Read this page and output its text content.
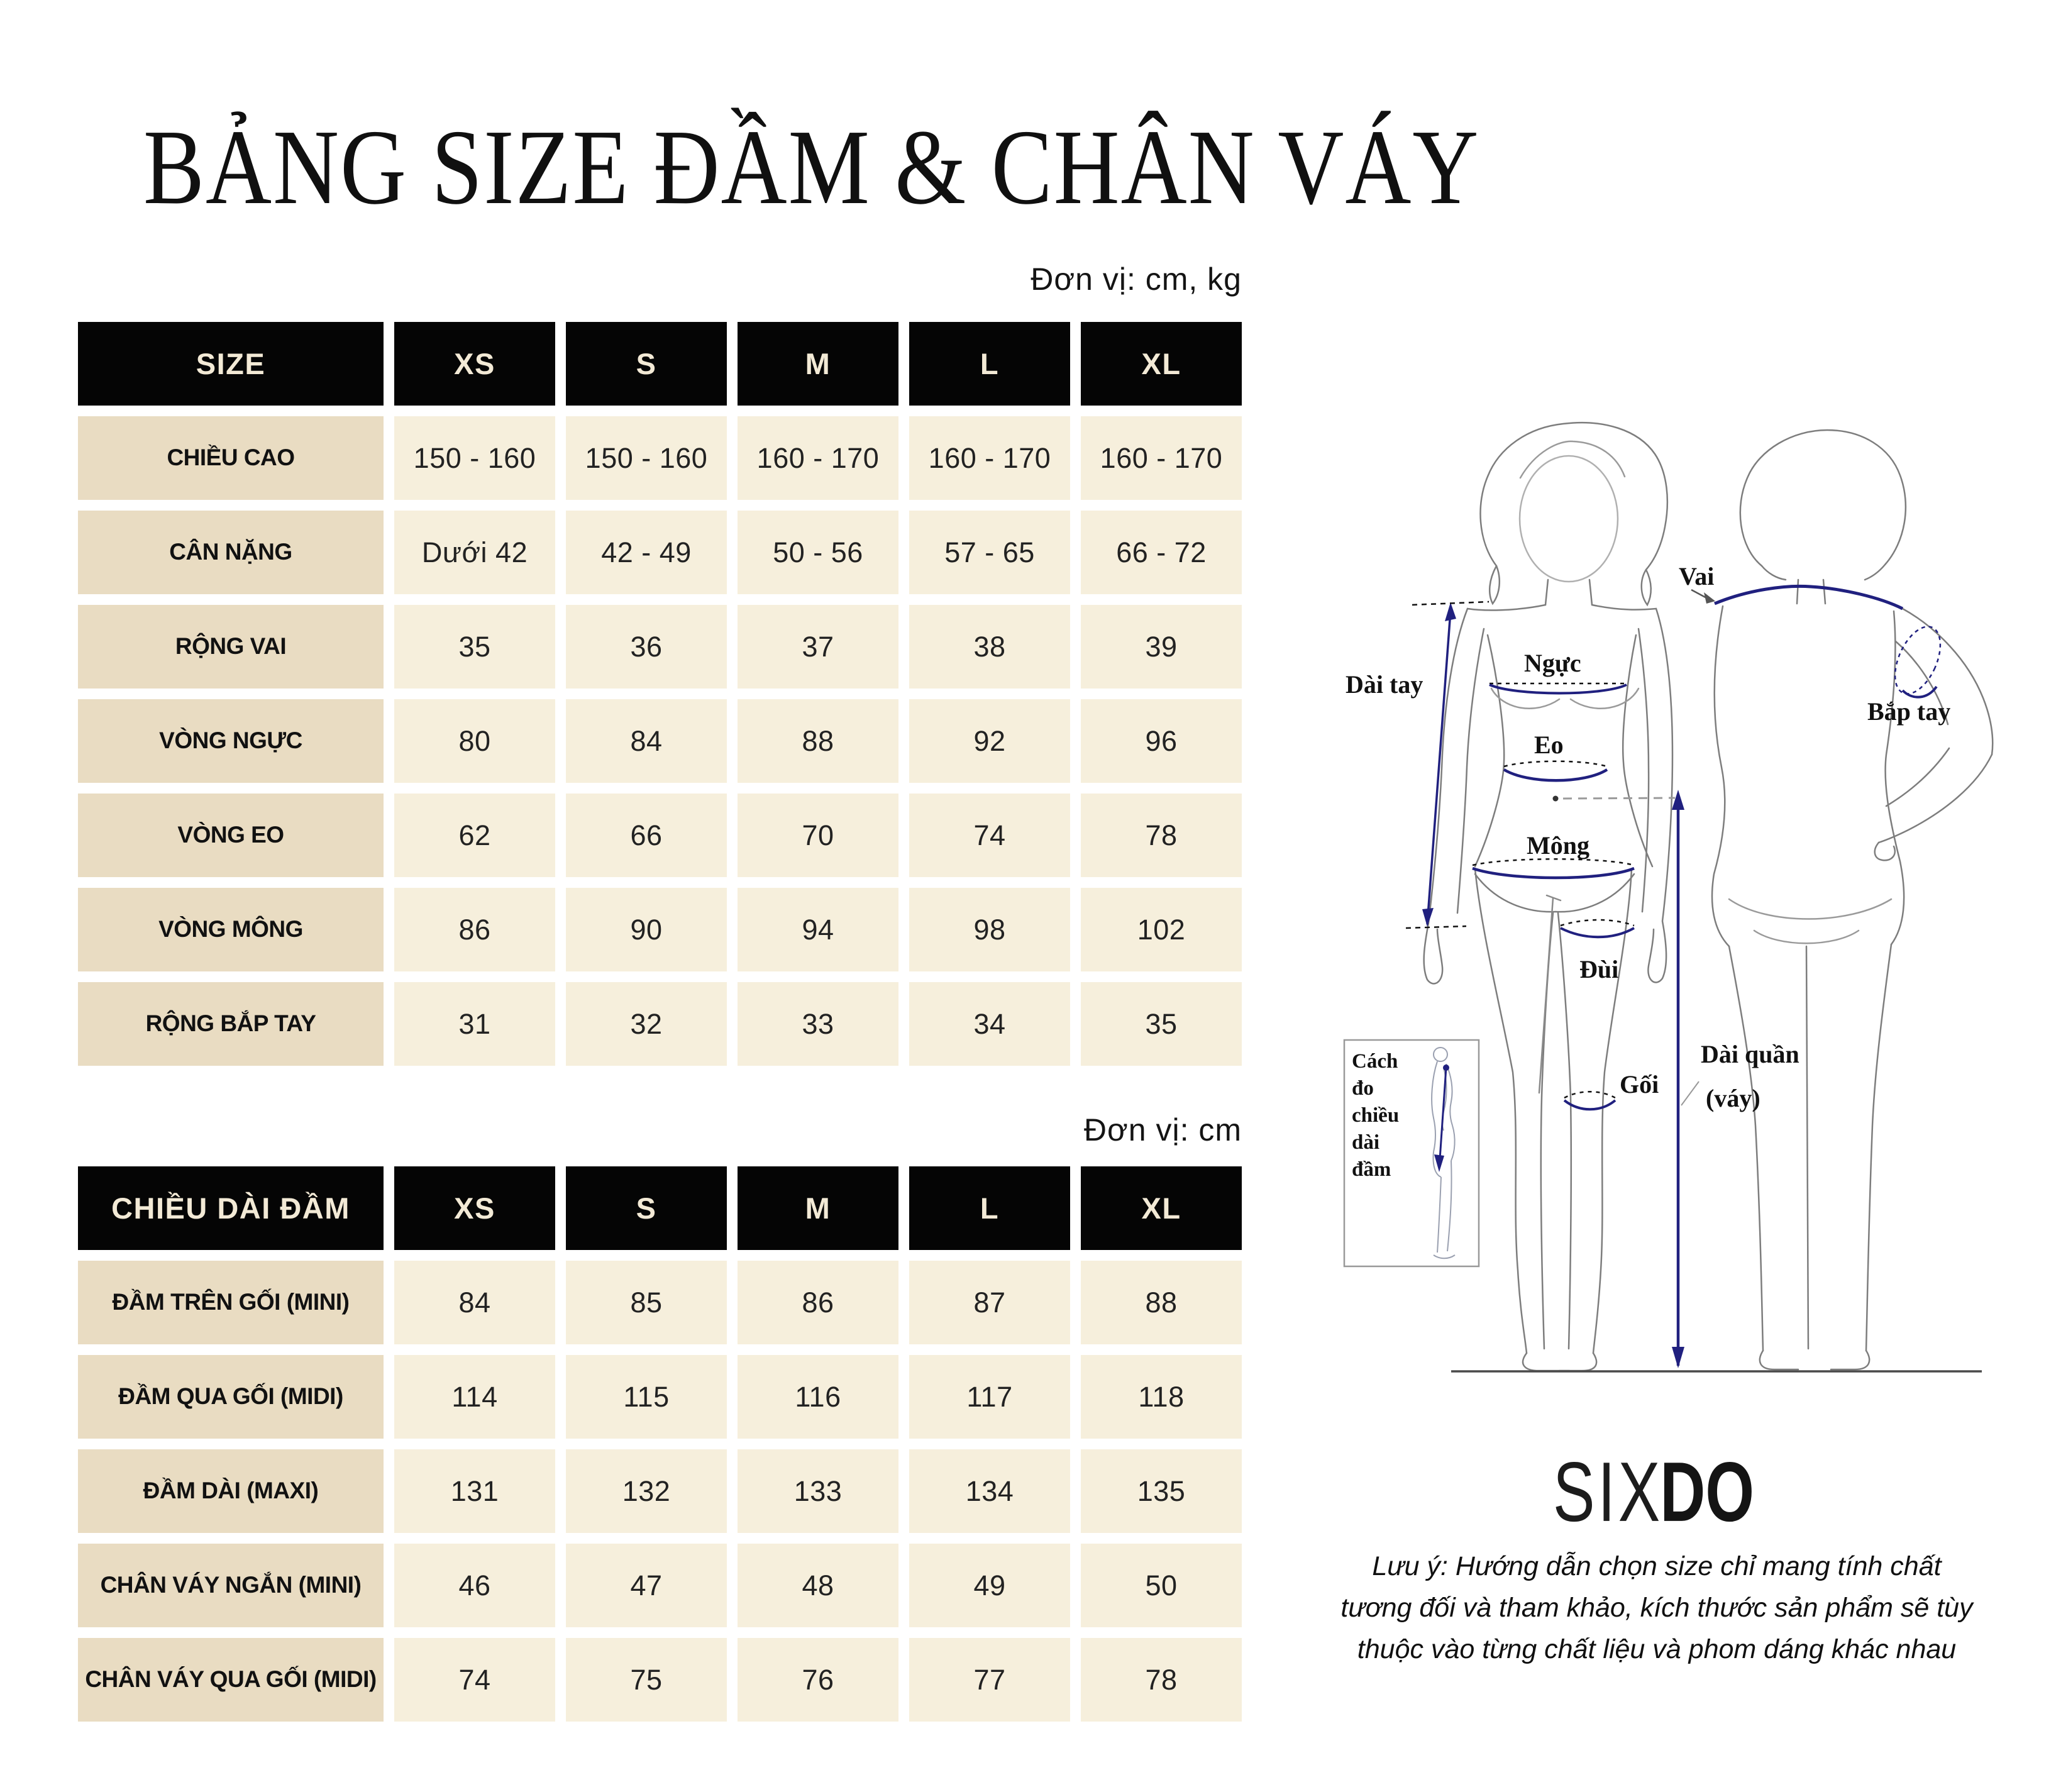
BẢNG SIZE ĐẦM & CHÂN VÁY
Đơn vị: cm, kg
SIZE	XS	S	M	L	XL
CHIỀU CAO	150 - 160	150 - 160	160 - 170	160 - 170	160 - 170
CÂN NẶNG	Dưới 42	42 - 49	50 - 56	57 - 65	66 - 72
RỘNG VAI	35	36	37	38	39
VÒNG NGỰC	80	84	88	92	96
VÒNG EO	62	66	70	74	78
VÒNG MÔNG	86	90	94	98	102
RỘNG BẮP TAY	31	32	33	34	35
Đơn vị: cm
CHIỀU DÀI ĐẦM	XS	S	M	L	XL
ĐẦM TRÊN GỐI (MINI)	84	85	86	87	88
ĐẦM QUA GỐI (MIDI)	114	115	116	117	118
ĐẦM DÀI (MAXI)	131	132	133	134	135
CHÂN VÁY NGẮN (MINI)	46	47	48	49	50
CHÂN VÁY QUA GỐI (MIDI)	74	75	76	77	78
Vai
Ngực
Eo
Mông
Dài tay
Bắp tay
Đùi
Gối
Dài quần
(váy)
Cách
đo
chiều
dài
đầm
SIXDO
Lưu ý: Hướng dẫn chọn size chỉ mang tính chất tương đối và tham khảo, kích thước sản phẩm sẽ tùy thuộc vào từng chất liệu và phom dáng khác nhau
